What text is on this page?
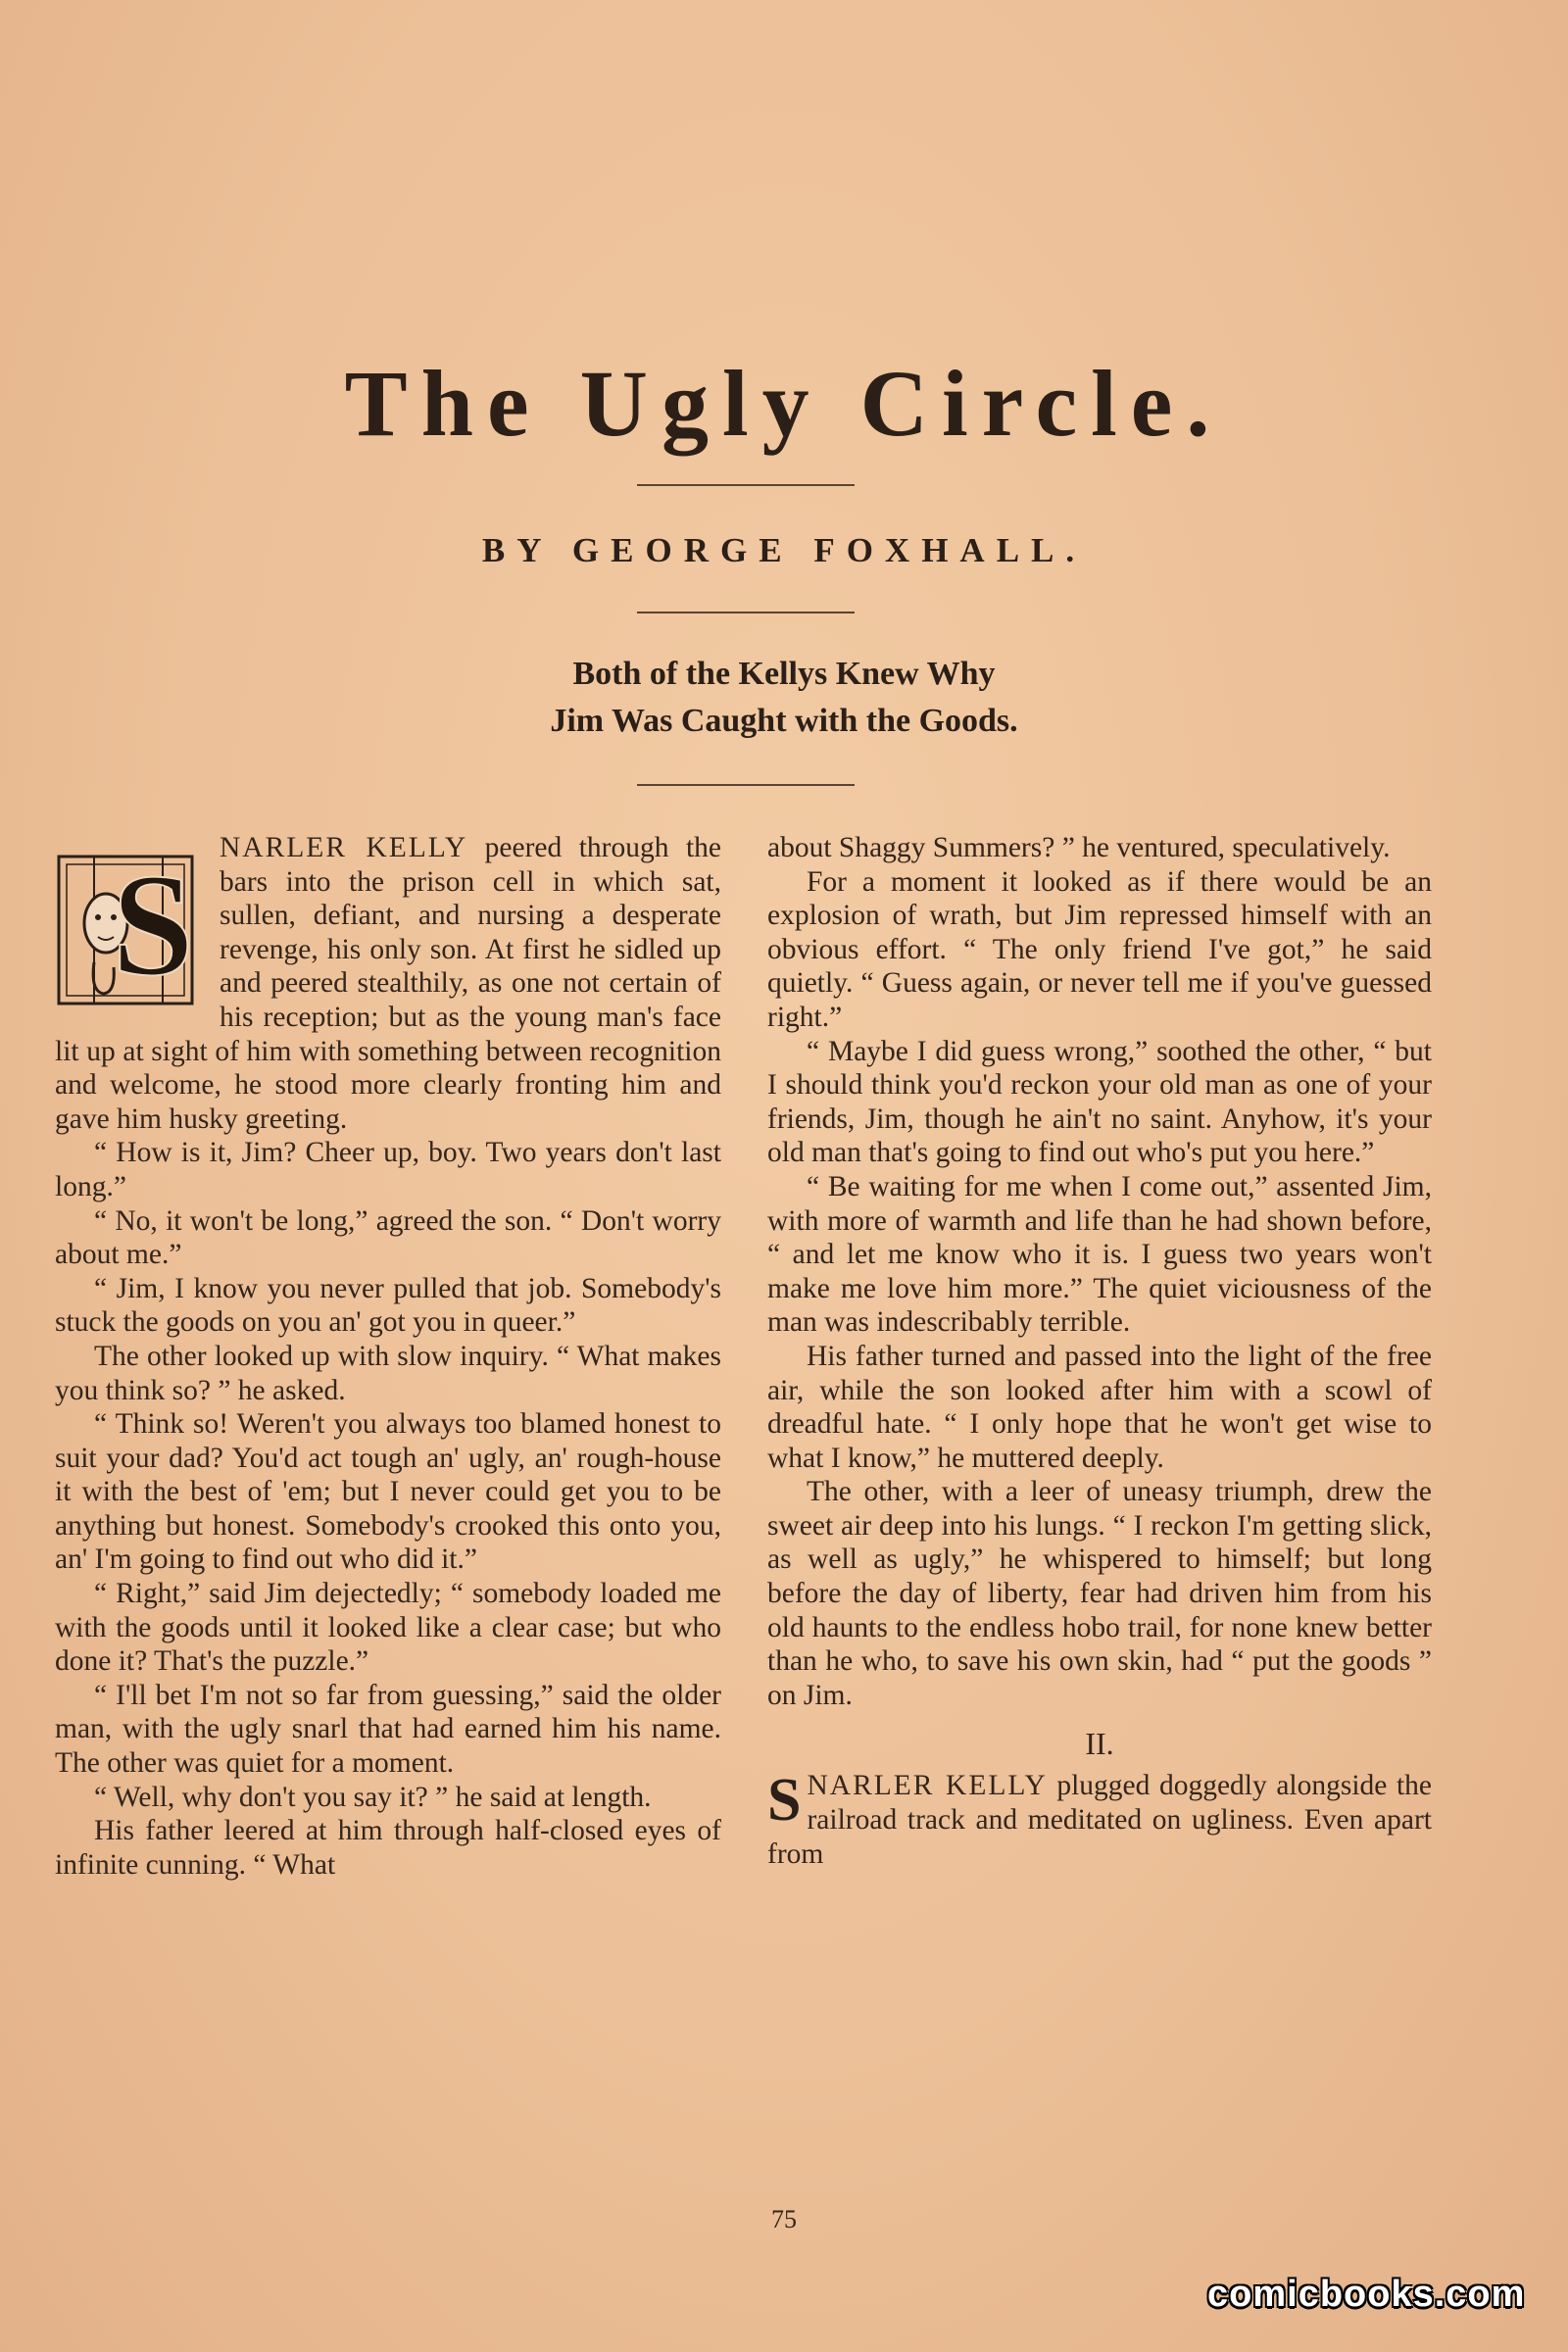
The Ugly Circle.
BY GEORGE FOXHALL.
Both of the Kellys Knew Why
Jim Was Caught with the Goods.

S NARLER KELLY peered through the bars into the prison cell in which sat, sullen, defiant, and nursing a desperate revenge, his only son. At first he sidled up and peered stealthily, as one not certain of his reception; but as the young man's face lit up at sight of him with something between recognition and welcome, he stood more clearly fronting him and gave him husky greeting.

“ How is it, Jim? Cheer up, boy. Two years don't last long.”

“ No, it won't be long,” agreed the son. “ Don't worry about me.”

“ Jim, I know you never pulled that job. Somebody's stuck the goods on you an' got you in queer.”

The other looked up with slow inquiry. “ What makes you think so? ” he asked.

“ Think so! Weren't you always too blamed honest to suit your dad? You'd act tough an' ugly, an' rough-house it with the best of 'em; but I never could get you to be anything but honest. Somebody's crooked this onto you, an' I'm going to find out who did it.”

“ Right,” said Jim dejectedly; “ somebody loaded me with the goods until it looked like a clear case; but who done it? That's the puzzle.”

“ I'll bet I'm not so far from guessing,” said the older man, with the ugly snarl that had earned him his name. The other was quiet for a moment.

“ Well, why don't you say it? ” he said at length.

His father leered at him through half-closed eyes of infinite cunning. “ What

about Shaggy Summers? ” he ventured, speculatively.

For a moment it looked as if there would be an explosion of wrath, but Jim repressed himself with an obvious effort. “ The only friend I've got,” he said quietly. “ Guess again, or never tell me if you've guessed right.”

“ Maybe I did guess wrong,” soothed the other, “ but I should think you'd reckon your old man as one of your friends, Jim, though he ain't no saint. Anyhow, it's your old man that's going to find out who's put you here.”

“ Be waiting for me when I come out,” assented Jim, with more of warmth and life than he had shown before, “ and let me know who it is. I guess two years won't make me love him more.” The quiet viciousness of the man was indescribably terrible.

His father turned and passed into the light of the free air, while the son looked after him with a scowl of dreadful hate. “ I only hope that he won't get wise to what I know,” he muttered deeply.

The other, with a leer of uneasy triumph, drew the sweet air deep into his lungs. “ I reckon I'm getting slick, as well as ugly,” he whispered to himself; but long before the day of liberty, fear had driven him from his old haunts to the endless hobo trail, for none knew better than he who, to save his own skin, had “ put the goods ” on Jim.

II.

SNARLER KELLY plugged doggedly alongside the railroad track and meditated on ugliness. Even apart from

75
comicbooks.com
